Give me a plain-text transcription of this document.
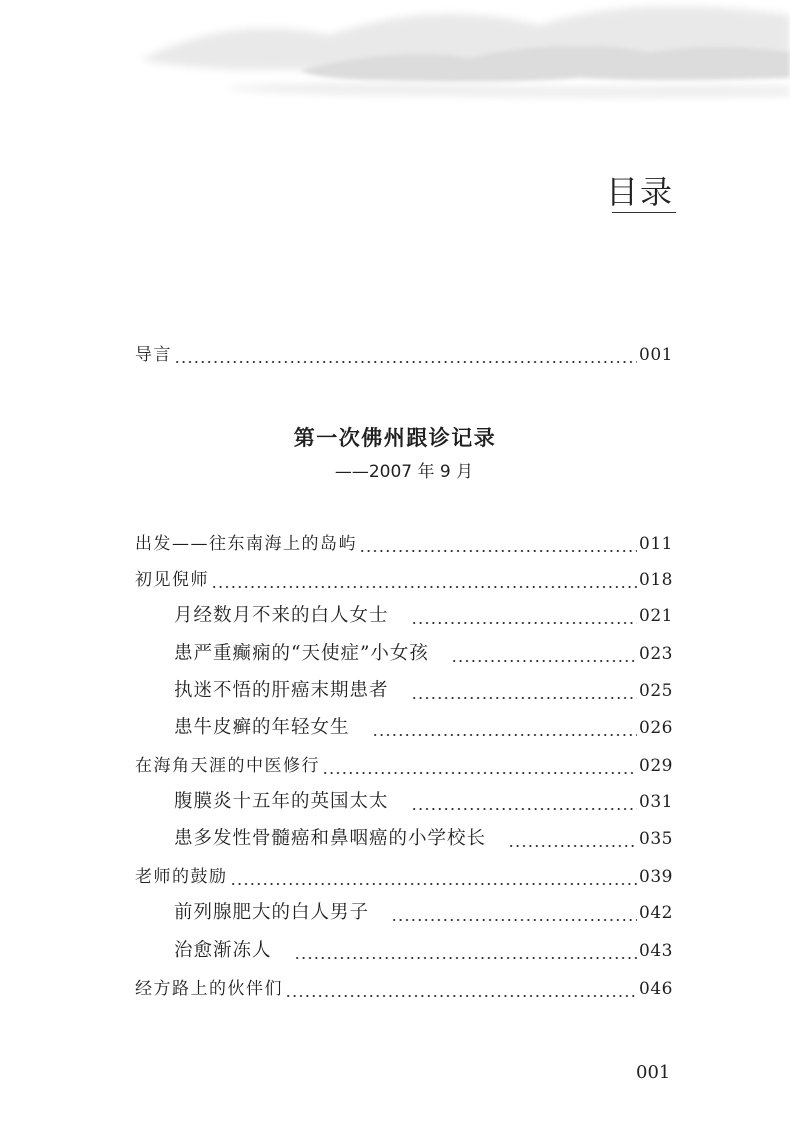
目录
导言	001
第一次佛州跟诊记录
——2007 年 9 月
出发——往东南海上的岛屿	011
初见倪师	018
月经数月不来的白人女士	021
患严重癫痫的“天使症”小女孩	023
执迷不悟的肝癌末期患者	025
患牛皮癣的年轻女生	026
在海角天涯的中医修行	029
腹膜炎十五年的英国太太	031
患多发性骨髓癌和鼻咽癌的小学校长	035
老师的鼓励	039
前列腺肥大的白人男子	042
治愈渐冻人	043
经方路上的伙伴们	046
001
